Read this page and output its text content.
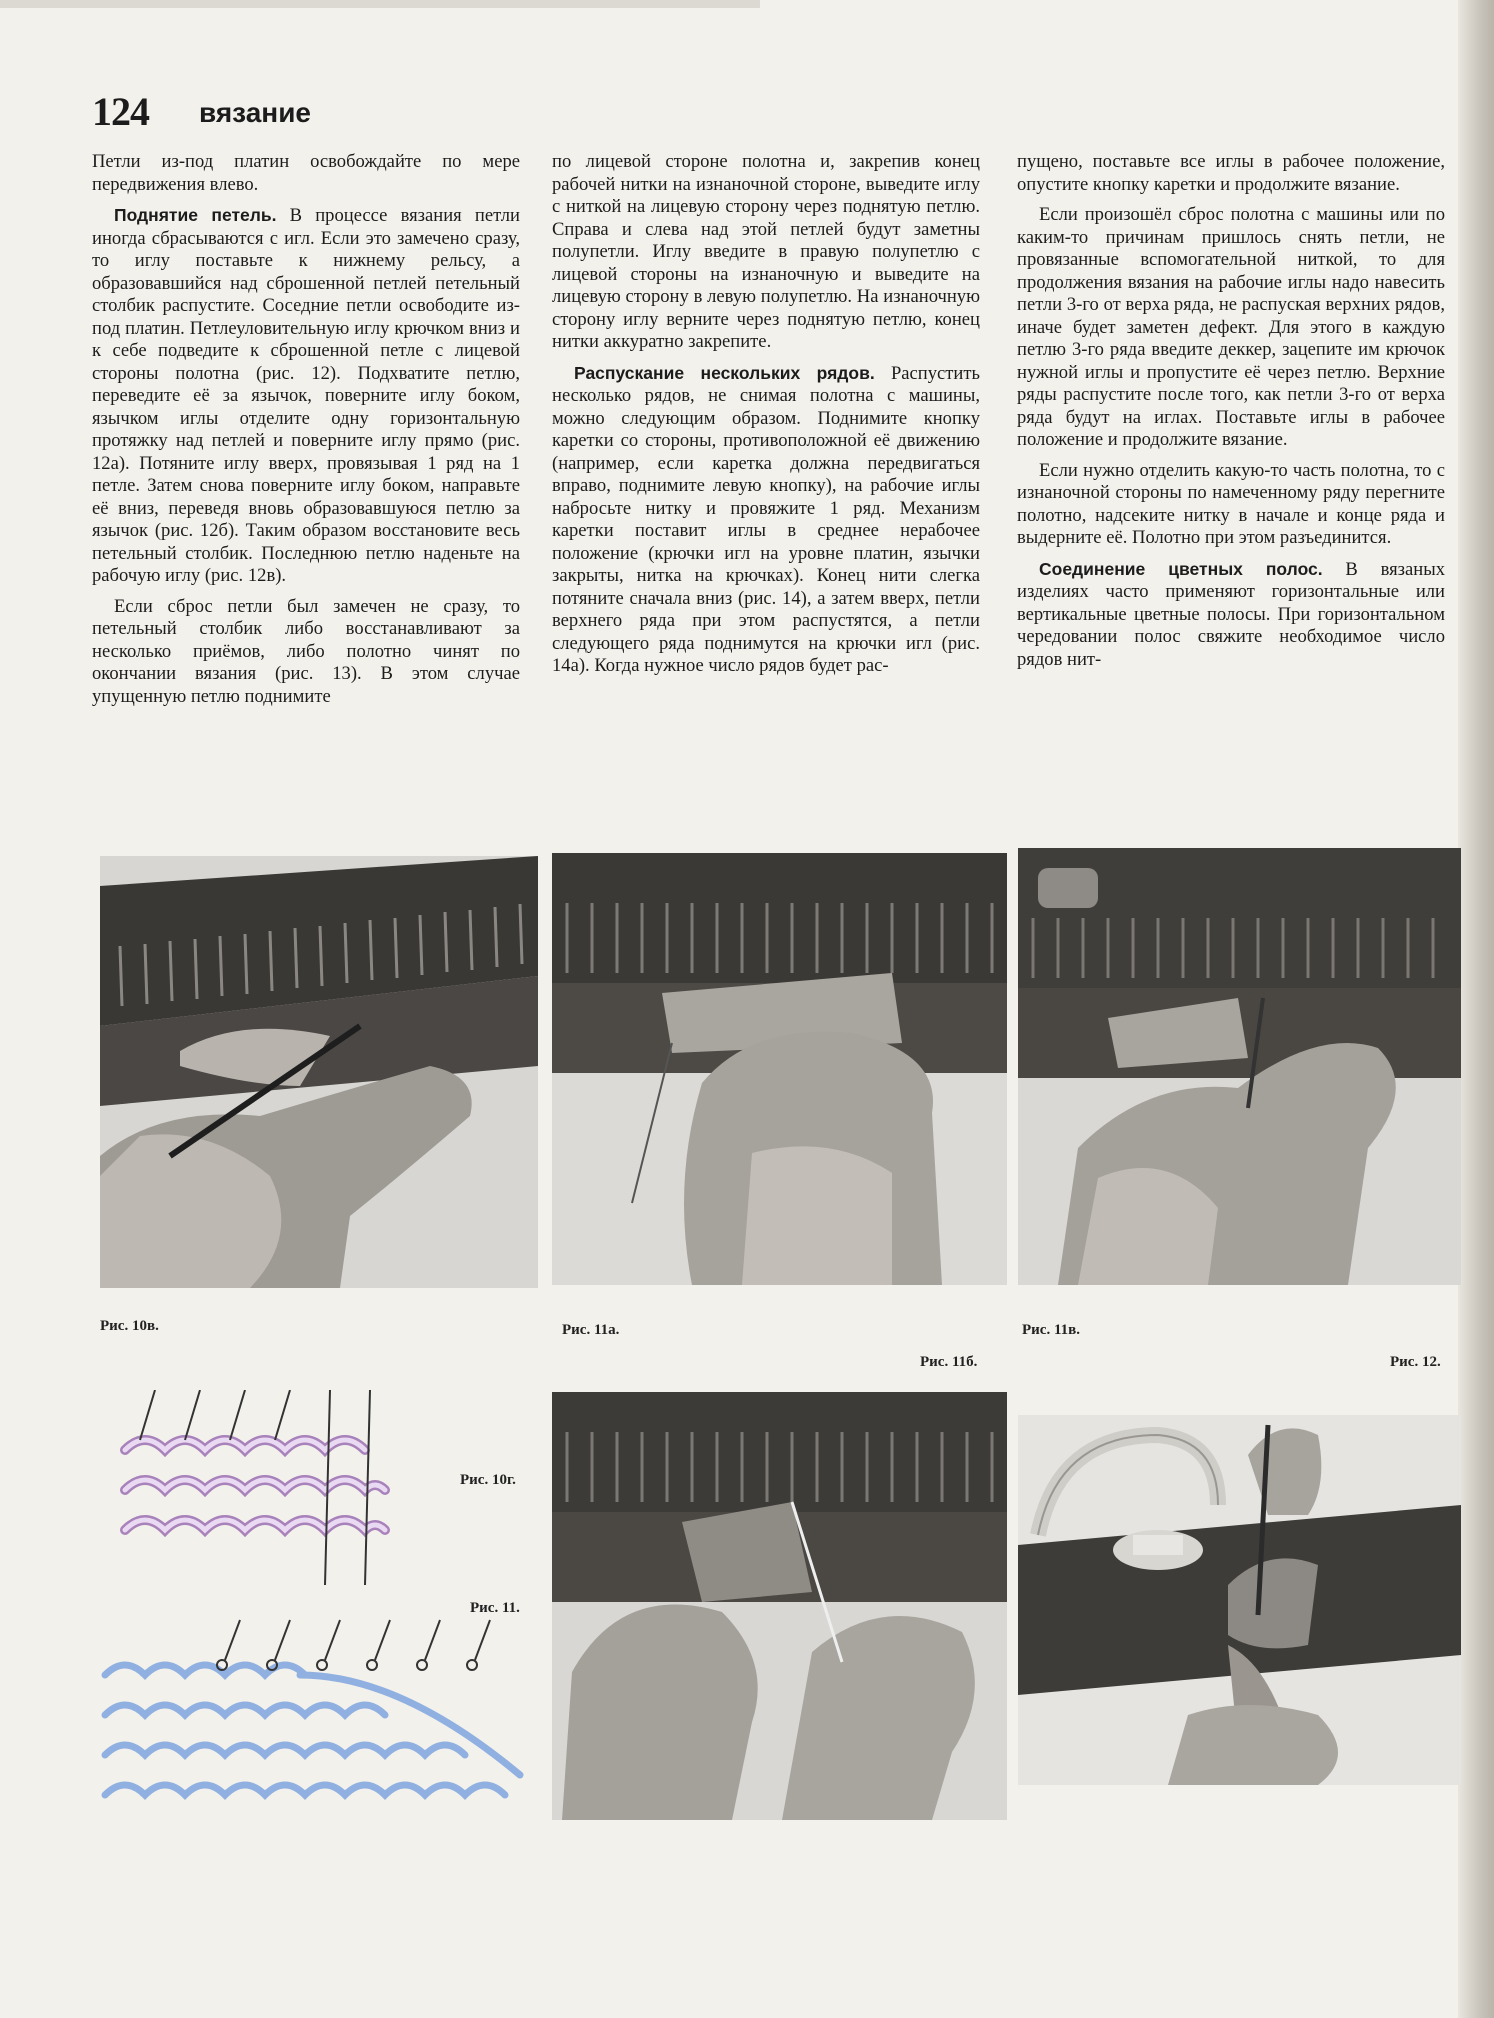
124 вязание

Петли из-под платин освобождайте по мере передвижения влево.

Поднятие петель. В процессе вязания петли иногда сбрасываются с игл. Если это замечено сразу, то иглу поставьте к нижнему рельсу, а образовавшийся над сброшенной петлей петельный столбик распустите. Соседние петли освободите из-под платин. Петлеуловительную иглу крючком вниз и к себе подведите к сброшенной петле с лицевой стороны полотна (рис. 12). Подхватите петлю, переведите её за язычок, поверните иглу боком, язычком иглы отделите одну горизонтальную протяжку над петлей и поверните иглу прямо (рис. 12а). Потяните иглу вверх, провязывая 1 ряд на 1 петле. Затем снова поверните иглу боком, направьте её вниз, переведя вновь образовавшуюся петлю за язычок (рис. 12б). Таким образом восстановите весь петельный столбик. Последнюю петлю наденьте на рабочую иглу (рис. 12в).

Если сброс петли был замечен не сразу, то петельный столбик либо восстанавливают за несколько приёмов, либо полотно чинят по окончании вязания (рис. 13). В этом случае упущенную петлю поднимите

по лицевой стороне полотна и, закрепив конец рабочей нитки на изнаночной стороне, выведите иглу с ниткой на лицевую сторону через поднятую петлю. Справа и слева над этой петлей будут заметны полупетли. Иглу введите в правую полупетлю с лицевой стороны на изнаночную и выведите на лицевую сторону в левую полупетлю. На изнаночную сторону иглу верните через поднятую петлю, конец нитки аккуратно закрепите.

Распускание нескольких рядов. Распустить несколько рядов, не снимая полотна с машины, можно следующим образом. Поднимите кнопку каретки со стороны, противоположной её движению (например, если каретка должна передвигаться вправо, поднимите левую кнопку), на рабочие иглы набросьте нитку и провяжите 1 ряд. Механизм каретки поставит иглы в среднее нерабочее положение (крючки игл на уровне платин, язычки закрыты, нитка на крючках). Конец нити слегка потяните сначала вниз (рис. 14), а затем вверх, петли верхнего ряда при этом распустятся, а петли следующего ряда поднимутся на крючки игл (рис. 14а). Когда нужное число рядов будет рас-

пущено, поставьте все иглы в рабочее положение, опустите кнопку каретки и продолжите вязание.

Если произошёл сброс полотна с машины или по каким-то причинам пришлось снять петли, не провязанные вспомогательной ниткой, то для продолжения вязания на рабочие иглы надо навесить петли 3-го от верха ряда, не распуская верхних рядов, иначе будет заметен дефект. Для этого в каждую петлю 3-го ряда введите деккер, зацепите им крючок нужной иглы и пропустите её через петлю. Верхние ряды распустите после того, как петли 3-го от верха ряда будут на иглах. Поставьте иглы в рабочее положение и продолжите вязание.

Если нужно отделить какую-то часть полотна, то с изнаночной стороны по намеченному ряду перегните полотно, надсеките нитку в начале и конце ряда и выдерните её. Полотно при этом разъединится.

Соединение цветных полос. В вязаных изделиях часто применяют горизонтальные или вертикальные цветные полосы. При горизонтальном чередовании полос свяжите необходимое число рядов нит-

Рис. 10в.	Рис. 11а.
Рис. 11б.
Рис. 11в.
Рис. 12.
Рис. 10г.
Рис. 11.
